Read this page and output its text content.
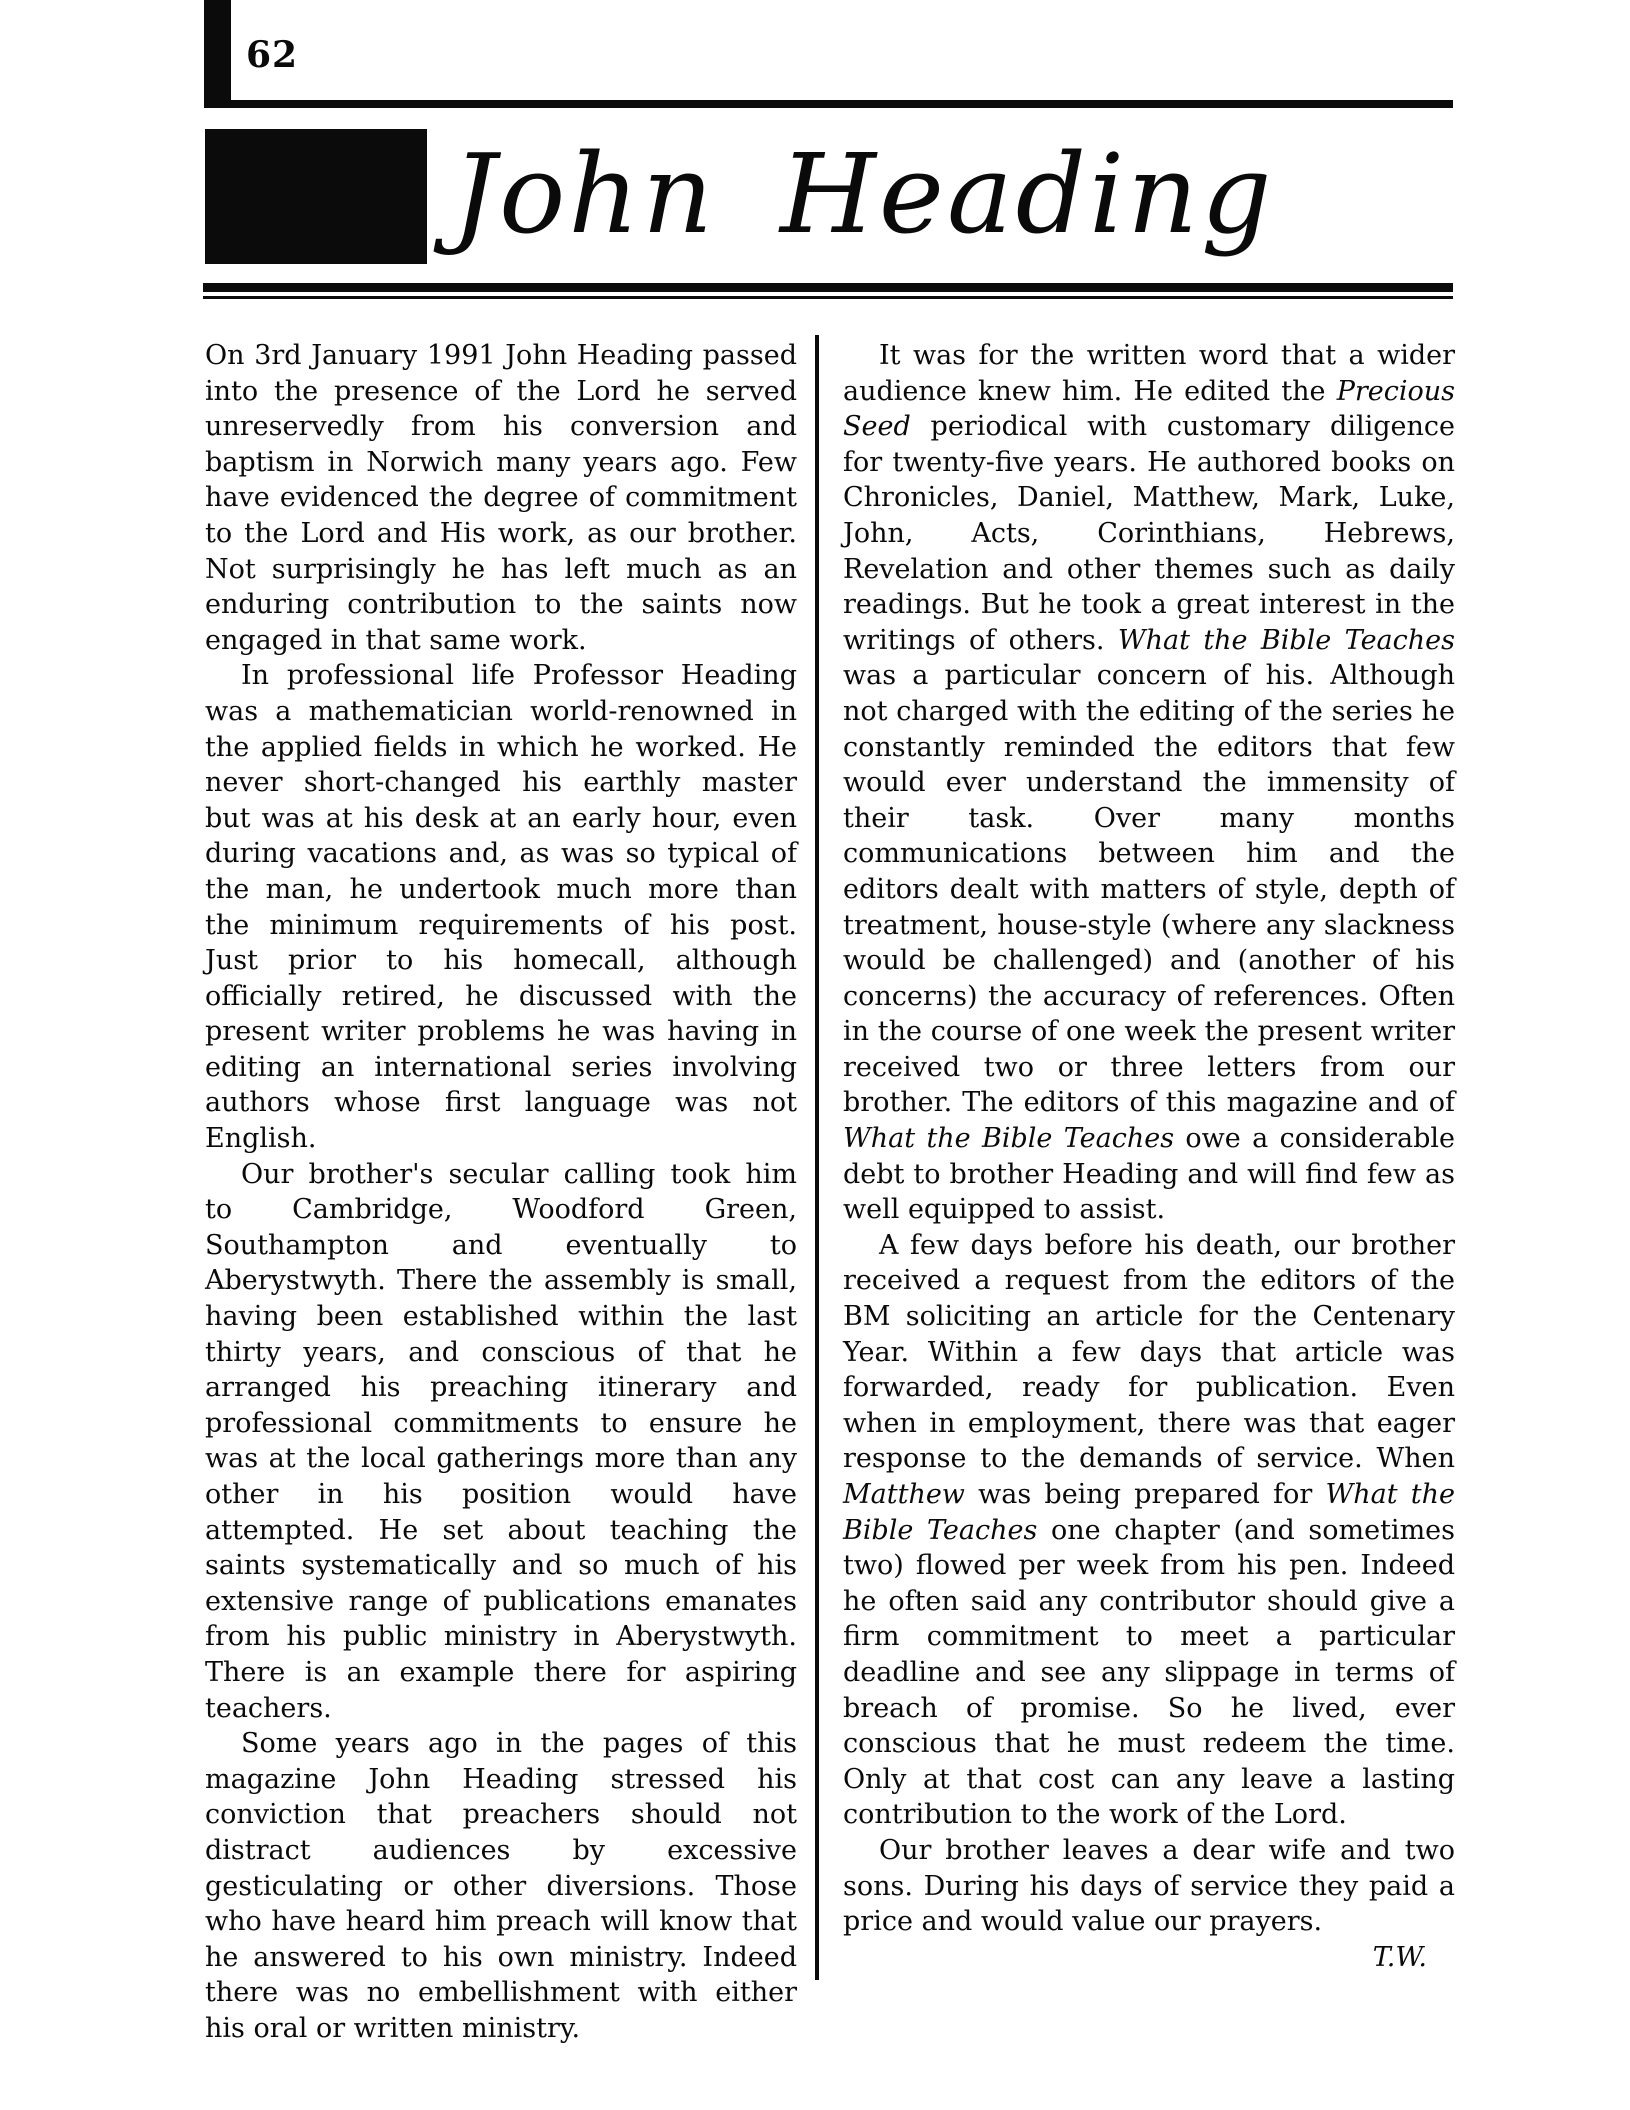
62
John Heading

On 3rd January 1991 John Heading passed into the presence of the Lord he served unreservedly from his conversion and baptism in Norwich many years ago. Few have evidenced the degree of commitment to the Lord and His work, as our brother. Not surprisingly he has left much as an enduring contribution to the saints now engaged in that same work.

In professional life Professor Heading was a mathematician world-renowned in the applied fields in which he worked. He never short-changed his earthly master but was at his desk at an early hour, even during vacations and, as was so typical of the man, he undertook much more than the minimum requirements of his post. Just prior to his homecall, although officially retired, he discussed with the present writer problems he was having in editing an international series involving authors whose first language was not English.

Our brother's secular calling took him to Cambridge, Woodford Green, Southampton and eventually to Aberystwyth. There the assembly is small, having been established within the last thirty years, and conscious of that he arranged his preaching itinerary and professional commitments to ensure he was at the local gatherings more than any other in his position would have attempted. He set about teaching the saints systematically and so much of his extensive range of publications emanates from his public ministry in Aberystwyth. There is an example there for aspiring teachers.

Some years ago in the pages of this magazine John Heading stressed his conviction that preachers should not distract audiences by excessive gesticulating or other diversions. Those who have heard him preach will know that he answered to his own ministry. Indeed there was no embellishment with either his oral or written ministry.

It was for the written word that a wider audience knew him. He edited the Precious Seed periodical with customary diligence for twenty-five years. He authored books on Chronicles, Daniel, Matthew, Mark, Luke, John, Acts, Corinthians, Hebrews, Revelation and other themes such as daily readings. But he took a great interest in the writings of others. What the Bible Teaches was a particular concern of his. Although not charged with the editing of the series he constantly reminded the editors that few would ever understand the immensity of their task. Over many months communications between him and the editors dealt with matters of style, depth of treatment, house-style (where any slackness would be challenged) and (another of his concerns) the accuracy of references. Often in the course of one week the present writer received two or three letters from our brother. The editors of this magazine and of What the Bible Teaches owe a considerable debt to brother Heading and will find few as well equipped to assist.

A few days before his death, our brother received a request from the editors of the BM soliciting an article for the Centenary Year. Within a few days that article was forwarded, ready for publication. Even when in employment, there was that eager response to the demands of service. When Matthew was being prepared for What the Bible Teaches one chapter (and sometimes two) flowed per week from his pen. Indeed he often said any contributor should give a firm commitment to meet a particular deadline and see any slippage in terms of breach of promise. So he lived, ever conscious that he must redeem the time. Only at that cost can any leave a lasting contribution to the work of the Lord.

Our brother leaves a dear wife and two sons. During his days of service they paid a price and would value our prayers.

T.W.
